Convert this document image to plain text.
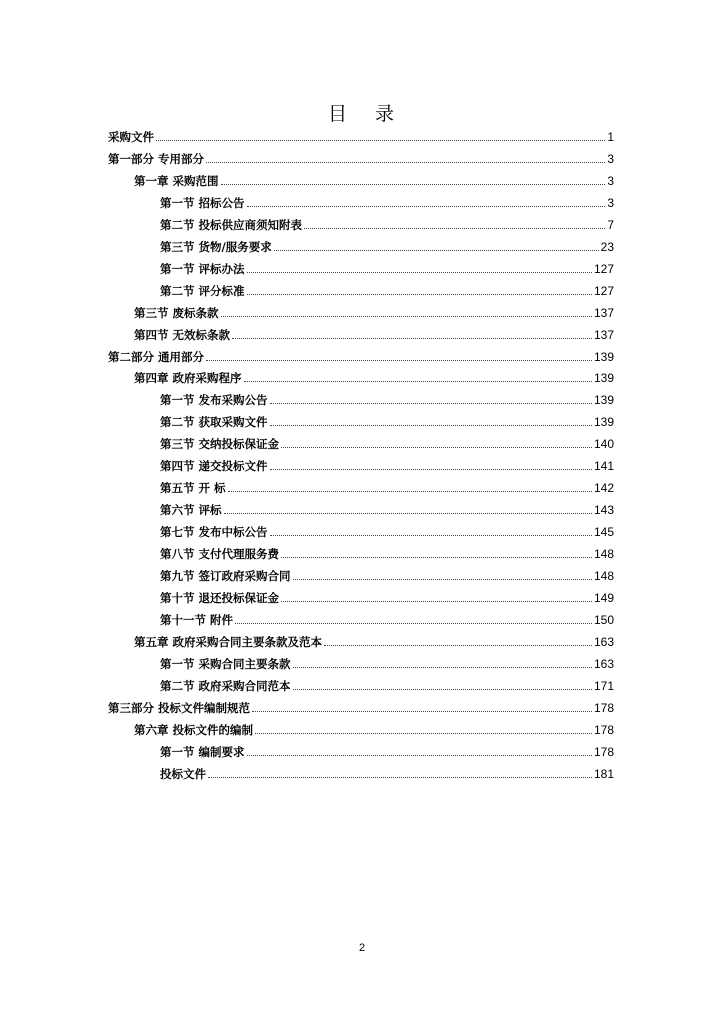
目 录
采购文件	1
第一部分 专用部分	3
第一章 采购范围	3
第一节 招标公告	3
第二节 投标供应商须知附表	7
第三节 货物/服务要求	23
第一节 评标办法	127
第二节 评分标准	127
第三节 废标条款	137
第四节 无效标条款	137
第二部分 通用部分	139
第四章 政府采购程序	139
第一节 发布采购公告	139
第二节 获取采购文件	139
第三节 交纳投标保证金	140
第四节 递交投标文件	141
第五节 开 标	142
第六节 评标	143
第七节 发布中标公告	145
第八节 支付代理服务费	148
第九节 签订政府采购合同	148
第十节 退还投标保证金	149
第十一节 附件	150
第五章 政府采购合同主要条款及范本	163
第一节 采购合同主要条款	163
第二节 政府采购合同范本	171
第三部分 投标文件编制规范	178
第六章 投标文件的编制	178
第一节 编制要求	178
投标文件	181
2
